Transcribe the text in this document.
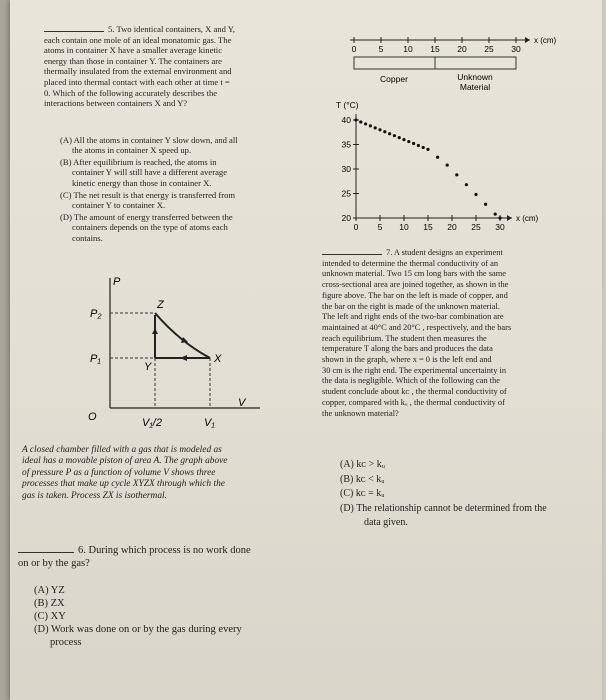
5. Two identical containers, X and Y,

each contain one mole of an ideal monatomic gas. The

atoms in container X have a smaller average kinetic

energy than those in container Y. The containers are

thermally insulated from the external environment and

placed into thermal contact with each other at time t =

0. Which of the following accurately describes the

interactions between containers X and Y?

(A) All the atoms in container Y slow down, and all

the atoms in container X speed up.

(B) After equilibrium is reached, the atoms in

container Y will still have a different average

kinetic energy than those in container X.

(C) The net result is that energy is transferred from

container Y to container X.

(D) The amount of energy transferred between the

containers depends on the type of atoms each

contains.

P
V
O
P₂
P₁
Z
Y
X
V₁/2	V₁

A closed chamber filled with a gas that is modeled as

ideal has a movable piston of area A. The graph above

of pressure P as a function of volume V shows three

processes that make up cycle XYZX through which the

gas is taken. Process ZX is isothermal.

6. During which process is no work done

on or by the gas?

(A) YZ
(B) ZX
(C) XY
(D) Work was done on or by the gas during every
process
0	5 10 15 20 25 30
x (cm)
Copper	Unknown
Material
T (°C)
x (cm)
20
25
30
35
40
0 5 10 15 20 25 30

7. A student designs an experiment

intended to determine the thermal conductivity of an

unknown material. Two 15 cm long bars with the same

cross-sectional area are joined together, as shown in the

figure above. The bar on the left is made of copper, and

the bar on the right is made of the unknown material.

The left and right ends of the two-bar combination are

maintained at 40°C and 20°C , respectively, and the bars

reach equilibrium. The student then measures the

temperature T along the bars and produces the data

shown in the graph, where x = 0 is the left end and

30 cm is the right end. The experimental uncertainty in

the data is negligible. Which of the following can the

student conclude about kᴄ , the thermal conductivity of

copper, compared with kᵤ , the thermal conductivity of

the unknown material?

(A) kᴄ > kᵤ

(B) kᴄ < kᵤ

(C) kᴄ = kᵤ

(D) The relationship cannot be determined from the

data given.
